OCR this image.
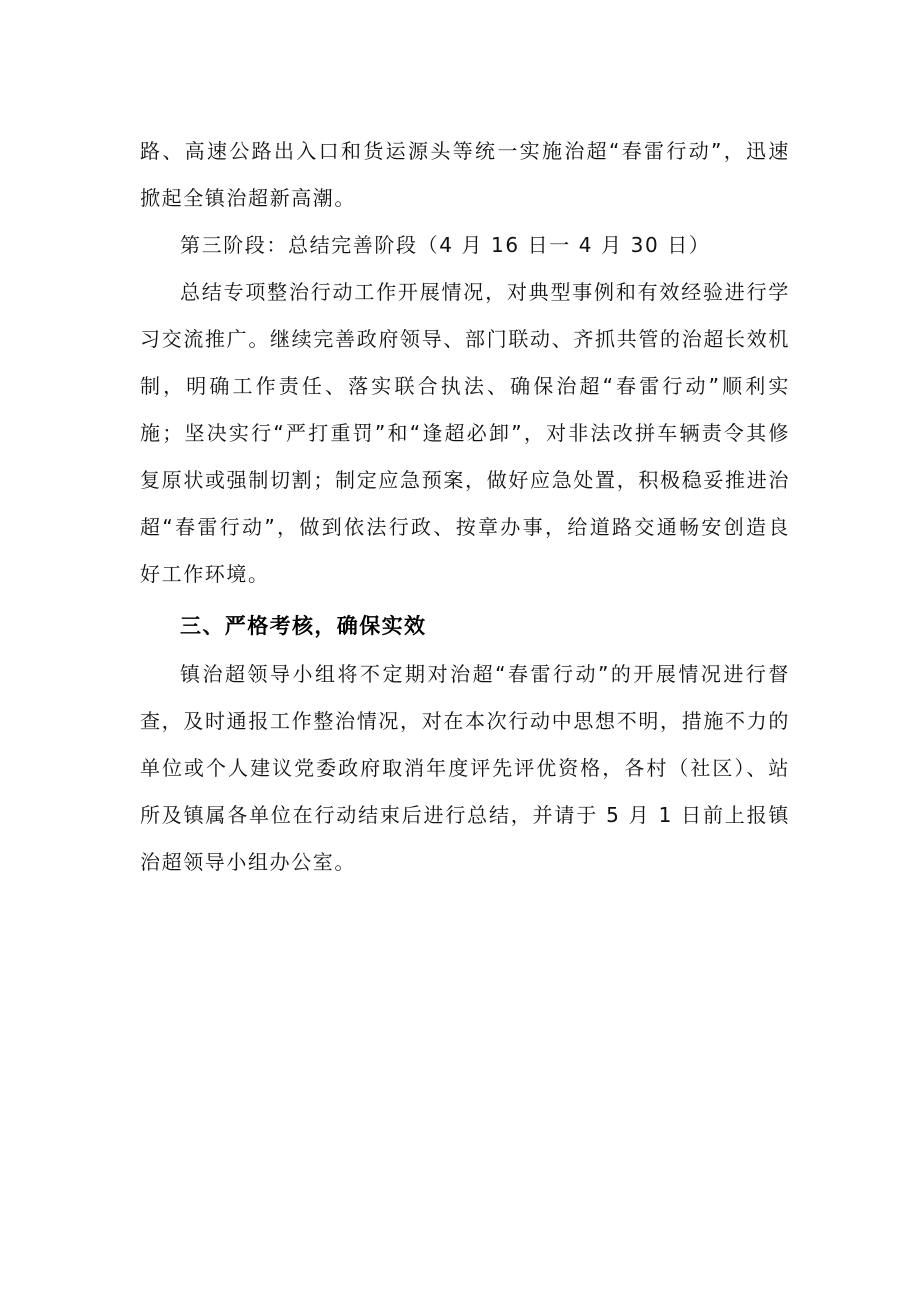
路、高速公路出入口和货运源头等统一实施治超“春雷行动”，迅速掀起全镇治超新高潮。

第三阶段：总结完善阶段（4 月 16 日一 4 月 30 日）

总结专项整治行动工作开展情况，对典型事例和有效经验进行学习交流推广。继续完善政府领导、部门联动、齐抓共管的治超长效机制，明确工作责任、落实联合执法、确保治超“春雷行动”顺利实施；坚决实行“严打重罚”和“逢超必卸”，对非法改拼车辆责令其修复原状或强制切割；制定应急预案，做好应急处置，积极稳妥推进治超“春雷行动”，做到依法行政、按章办事，给道路交通畅安创造良好工作环境。

三、严格考核，确保实效

镇治超领导小组将不定期对治超“春雷行动”的开展情况进行督查，及时通报工作整治情况，对在本次行动中思想不明，措施不力的单位或个人建议党委政府取消年度评先评优资格，各村（社区）、站所及镇属各单位在行动结束后进行总结，并请于 5 月 1 日前上报镇治超领导小组办公室。
